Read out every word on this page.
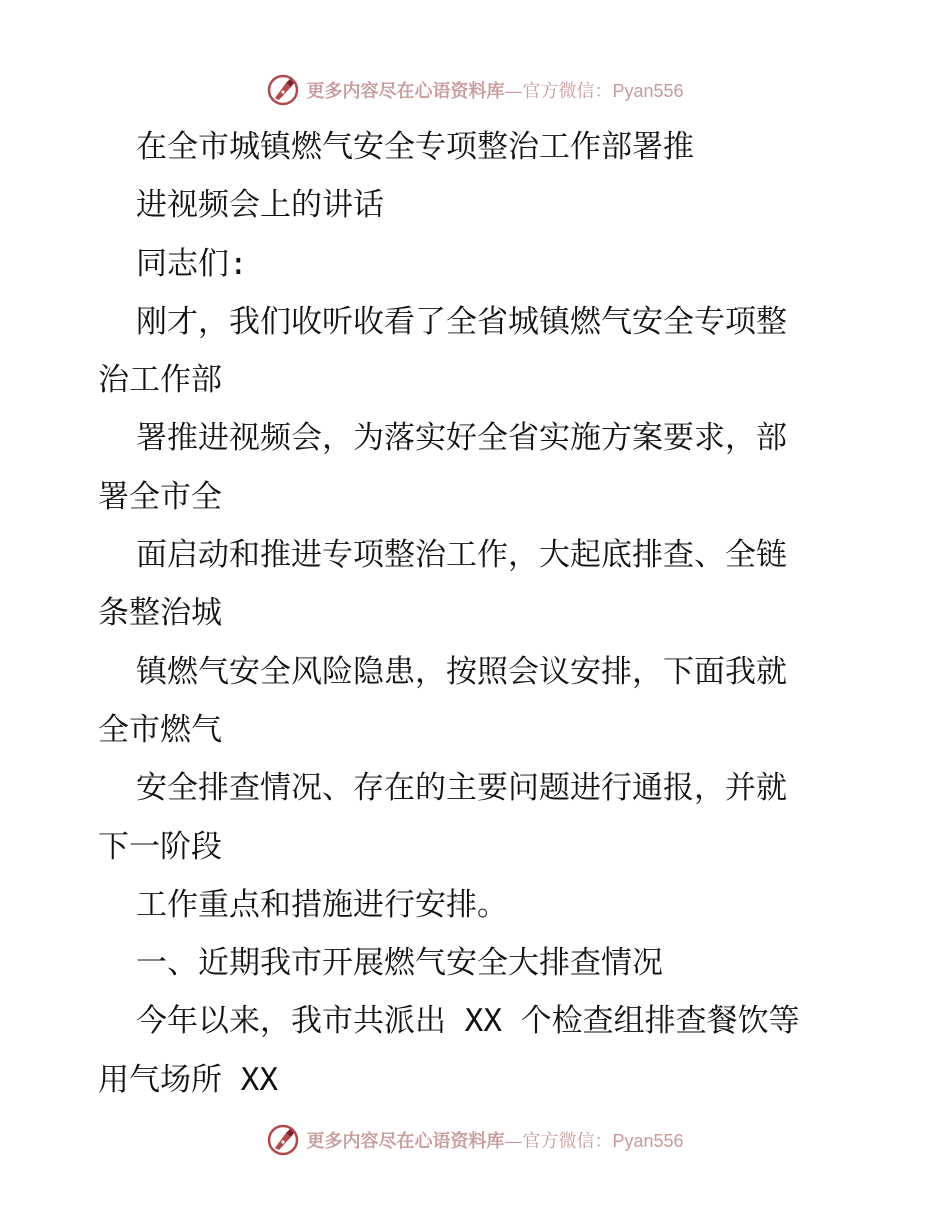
更多内容尽在心语资料库—官方微信：Pyan556
在全市城镇燃气安全专项整治工作部署推
进视频会上的讲话
同志们:
刚才，我们收听收看了全省城镇燃气安全专项整
治工作部
署推进视频会，为落实好全省实施方案要求，部
署全市全
面启动和推进专项整治工作，大起底排查、全链
条整治城
镇燃气安全风险隐患，按照会议安排，下面我就
全市燃气
安全排查情况、存在的主要问题进行通报，并就
下一阶段
工作重点和措施进行安排。
一、近期我市开展燃气安全大排查情况
今年以来，我市共派出 XX 个检查组排查餐饮等
用气场所 XX
更多内容尽在心语资料库—官方微信：Pyan556
